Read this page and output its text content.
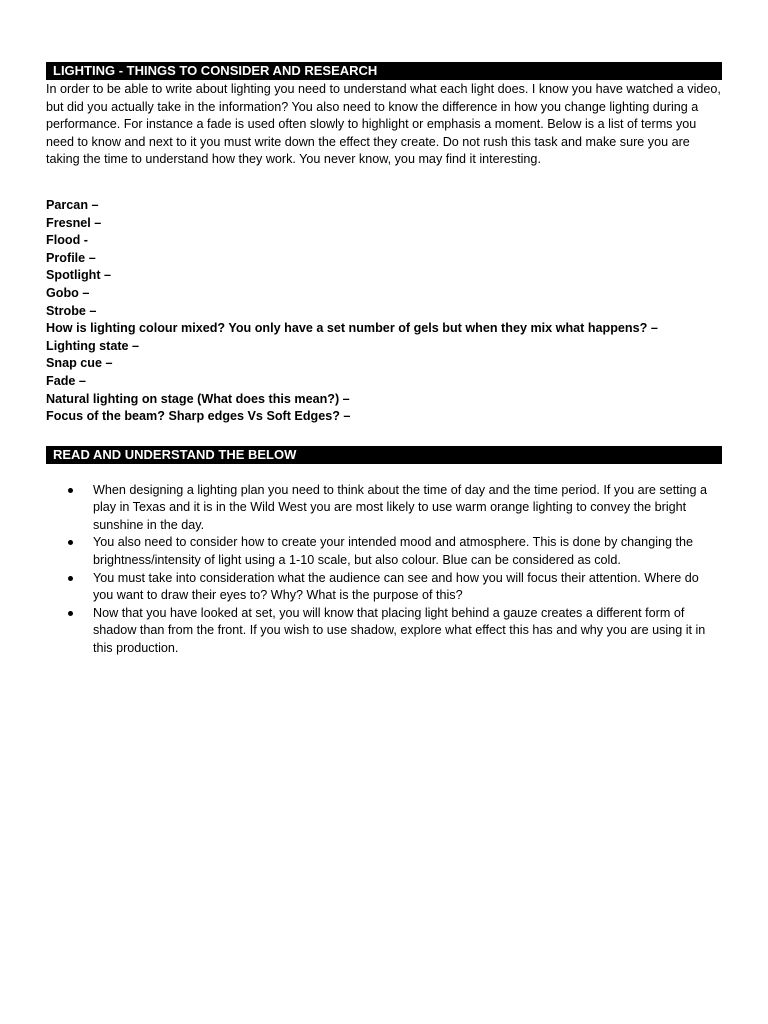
LIGHTING - THINGS TO CONSIDER AND RESEARCH

In order to be able to write about lighting you need to understand what each light does. I know you have watched a video, but did you actually take in the information? You also need to know the difference in how you change lighting during a performance. For instance a fade is used often slowly to highlight or emphasis a moment. Below is a list of terms you need to know and next to it you must write down the effect they create. Do not rush this task and make sure you are taking the time to understand how they work. You never know, you may find it interesting.

Parcan –
Fresnel –
Flood -
Profile –
Spotlight –
Gobo –
Strobe –
How is lighting colour mixed? You only have a set number of gels but when they mix what happens? –
Lighting state –
Snap cue –
Fade –
Natural lighting on stage (What does this mean?) –
Focus of the beam? Sharp edges Vs Soft Edges? –
READ AND UNDERSTAND THE BELOW
When designing a lighting plan you need to think about the time of day and the time period. If you are setting a play in Texas and it is in the Wild West you are most likely to use warm orange lighting to convey the bright sunshine in the day.
You also need to consider how to create your intended mood and atmosphere. This is done by changing the brightness/intensity of light using a 1-10 scale, but also colour. Blue can be considered as cold.
You must take into consideration what the audience can see and how you will focus their attention. Where do you want to draw their eyes to? Why? What is the purpose of this?
Now that you have looked at set, you will know that placing light behind a gauze creates a different form of shadow than from the front. If you wish to use shadow, explore what effect this has and why you are using it in this production.
